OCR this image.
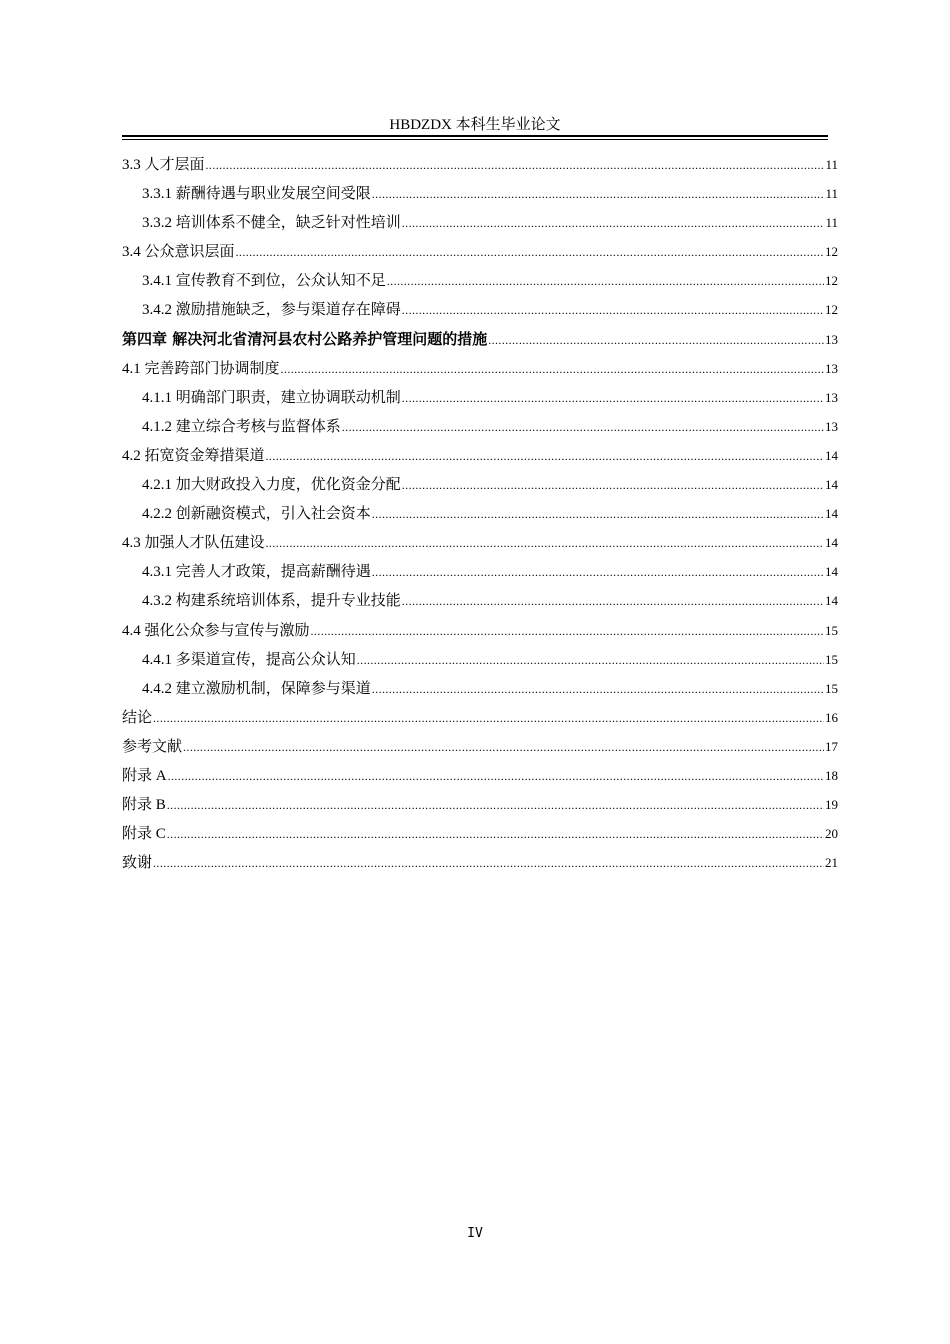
HBDZDX 本科生毕业论文
3.3 人才层面 .....	11
3.3.1 薪酬待遇与职业发展空间受限 .....	11
3.3.2 培训体系不健全，缺乏针对性培训 .....	11
3.4 公众意识层面 .....	12
3.4.1 宣传教育不到位，公众认知不足 .....	12
3.4.2 激励措施缺乏，参与渠道存在障碍 .....	12
第四章 解决河北省清河县农村公路养护管理问题的措施 .....	13
4.1 完善跨部门协调制度 .....	13
4.1.1 明确部门职责，建立协调联动机制 .....	13
4.1.2 建立综合考核与监督体系 .....	13
4.2 拓宽资金筹措渠道 .....	14
4.2.1 加大财政投入力度，优化资金分配 .....	14
4.2.2 创新融资模式，引入社会资本 .....	14
4.3 加强人才队伍建设 .....	14
4.3.1 完善人才政策，提高薪酬待遇 .....	14
4.3.2 构建系统培训体系，提升专业技能 .....	14
4.4 强化公众参与宣传与激励 .....	15
4.4.1 多渠道宣传，提高公众认知 .....	15
4.4.2 建立激励机制，保障参与渠道 .....	15
结论 .....	16
参考文献 .....	17
附录 A .....	18
附录 B .....	19
附录 C .....	20
致谢 .....	21
IV
